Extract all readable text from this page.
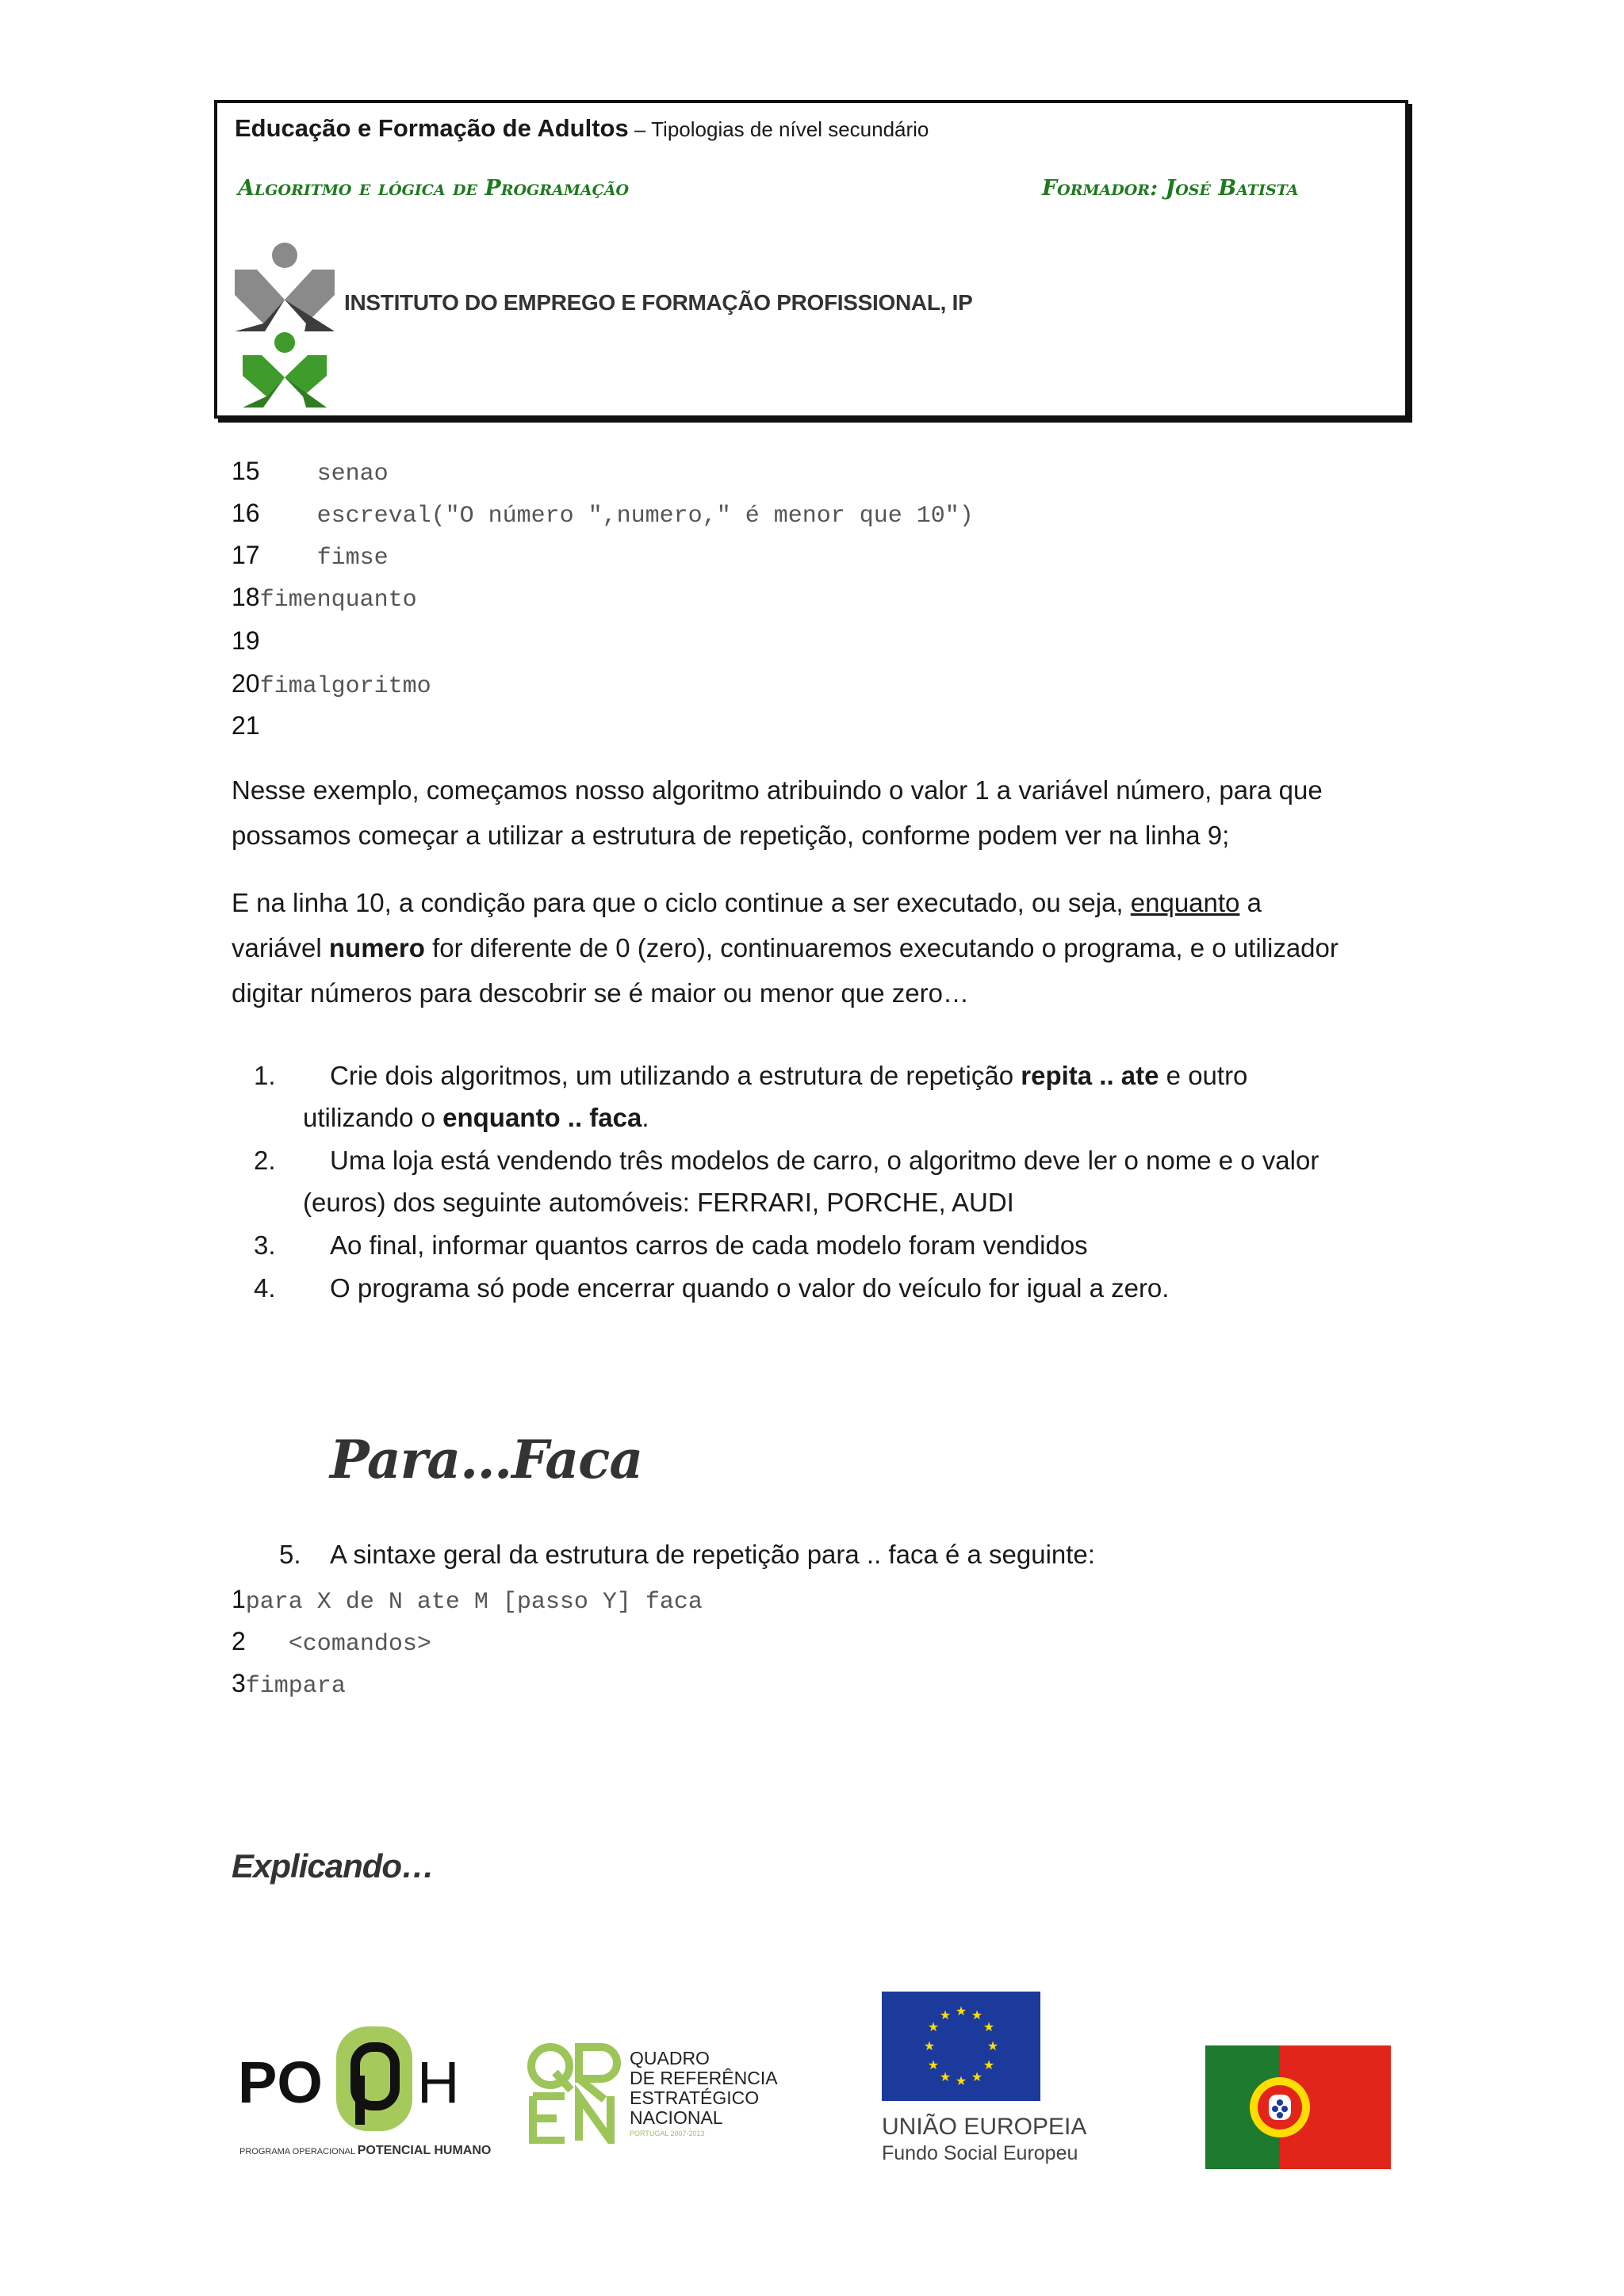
Educação e Formação de Adultos – Tipologias de nível secundário
Algoritmo e lógica de Programação	Formador: José Batista
INSTITUTO DO EMPREGO E FORMAÇÃO PROFISSIONAL, IP
15    senao
16    escreval("O número ",numero," é menor que 10")
17    fimse
18fimenquanto
19
20fimalgoritmo
21
Nesse exemplo, começamos nosso algoritmo atribuindo o valor 1 a variável número, para que
possamos começar a utilizar a estrutura de repetição, conforme podem ver na linha 9;
E na linha 10, a condição para que o ciclo continue a ser executado, ou seja, enquanto a
variável numero for diferente de 0 (zero), continuaremos executando o programa, e o utilizador
digitar números para descobrir se é maior ou menor que zero…
1. Crie dois algoritmos, um utilizando a estrutura de repetição repita .. ate e outro
utilizando o enquanto .. faca.
2. Uma loja está vendendo três modelos de carro, o algoritmo deve ler o nome e o valor
(euros) dos seguinte automóveis: FERRARI, PORCHE, AUDI
3. Ao final, informar quantos carros de cada modelo foram vendidos
4. O programa só pode encerrar quando o valor do veículo for igual a zero.
Para…Faca
5. A sintaxe geral da estrutura de repetição para .. faca é a seguinte:
1para X de N ate M [passo Y] faca
2   <comandos>
3fimpara
Explicando…
PO H
PROGRAMA OPERACIONAL POTENCIAL HUMANO
QUADRO
DE REFERÊNCIA
ESTRATÉGICO
NACIONAL
PORTUGAL 2007-2013
★ ★
★
★
★
★
★
★
★
★
★
★
UNIÃO EUROPEIA
Fundo Social Europeu
